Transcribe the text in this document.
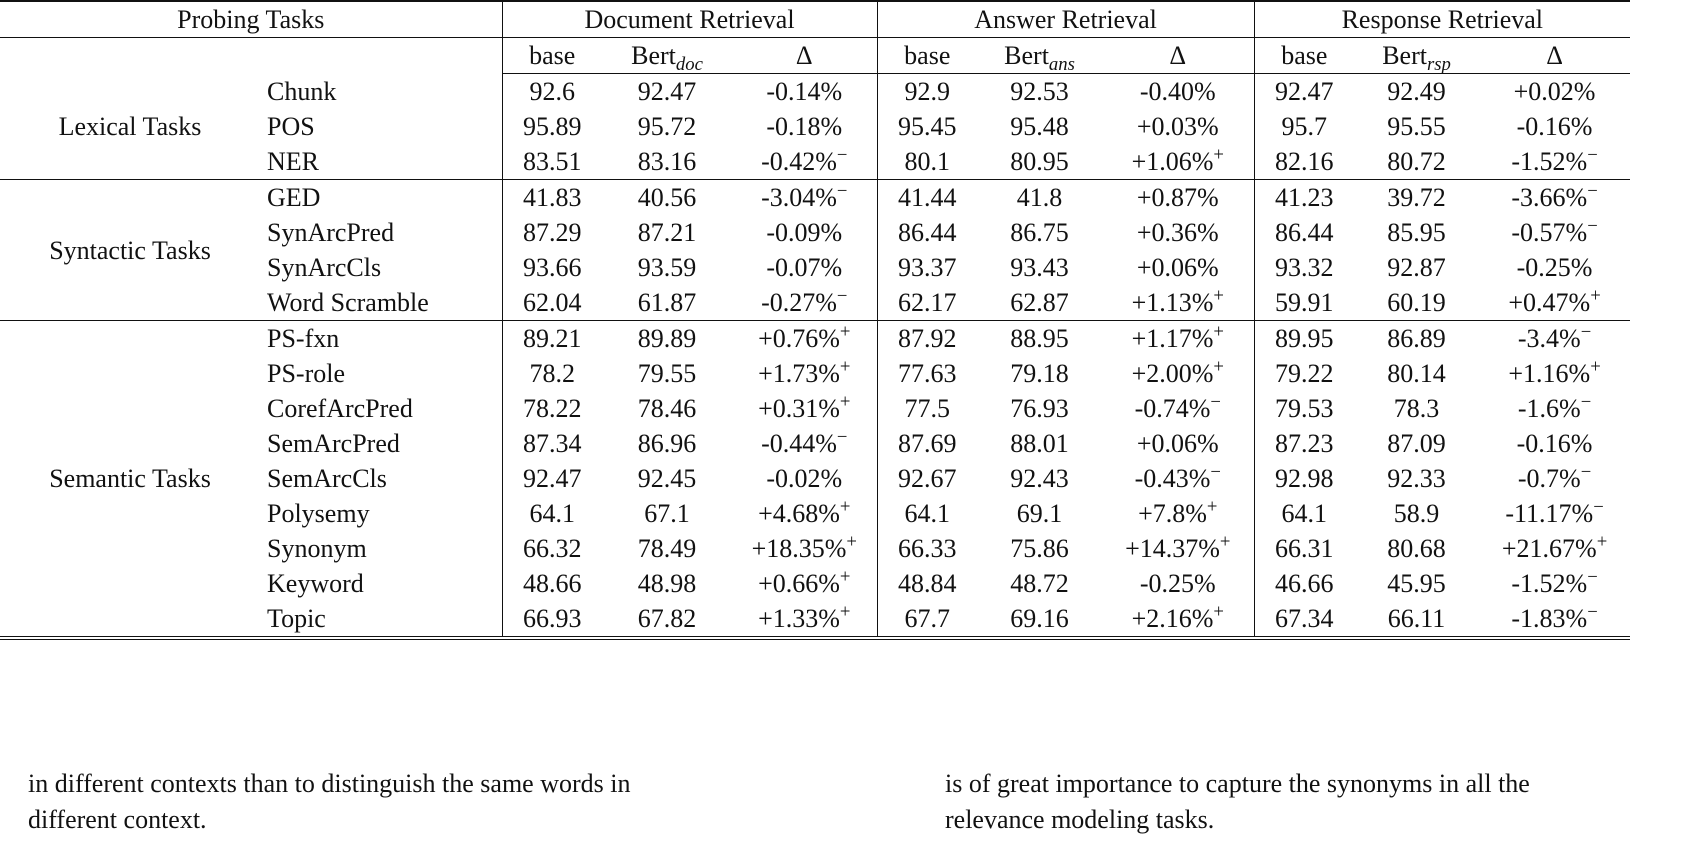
Probing Tasks		Document Retrieval			Answer Retrieval			Response Retrieval		
		base	Bert$_{doc}$	Δ	base	Bert$_{ans}$	Δ	base	Bert$_{rsp}$	Δ
Lexical Tasks	Chunk	92.6	92.47	-0.14%	92.9	92.53	-0.40%	92.47	92.49	+0.02%
	POS	95.89	95.72	-0.18%	95.45	95.48	+0.03%	95.7	95.55	-0.16%
	NER	83.51	83.16	-0.42%−	80.1	80.95	+1.06%+	82.16	80.72	-1.52%−
Syntactic Tasks	GED	41.83	40.56	-3.04%−	41.44	41.8	+0.87%	41.23	39.72	-3.66%−
	SynArcPred	87.29	87.21	-0.09%	86.44	86.75	+0.36%	86.44	85.95	-0.57%−
	SynArcCls	93.66	93.59	-0.07%	93.37	93.43	+0.06%	93.32	92.87	-0.25%
	Word Scramble	62.04	61.87	-0.27%−	62.17	62.87	+1.13%+	59.91	60.19	+0.47%+
Semantic Tasks	PS-fxn	89.21	89.89	+0.76%+	87.92	88.95	+1.17%+	89.95	86.89	-3.4%−
	PS-role	78.2	79.55	+1.73%+	77.63	79.18	+2.00%+	79.22	80.14	+1.16%+
	CorefArcPred	78.22	78.46	+0.31%+	77.5	76.93	-0.74%−	79.53	78.3	-1.6%−
	SemArcPred	87.34	86.96	-0.44%−	87.69	88.01	+0.06%	87.23	87.09	-0.16%
	SemArcCls	92.47	92.45	-0.02%	92.67	92.43	-0.43%−	92.98	92.33	-0.7%−
	Polysemy	64.1	67.1	+4.68%+	64.1	69.1	+7.8%+	64.1	58.9	-11.17%−
	Synonym	66.32	78.49	+18.35%+	66.33	75.86	+14.37%+	66.31	80.68	+21.67%+
	Keyword	48.66	48.98	+0.66%+	48.84	48.72	-0.25%	46.66	45.95	-1.52%−
	Topic	66.93	67.82	+1.33%+	67.7	69.16	+2.16%+	67.34	66.11	-1.83%−
in different contexts than to distinguish the same words in
different context.
is of great importance to capture the synonyms in all the
relevance modeling tasks.
